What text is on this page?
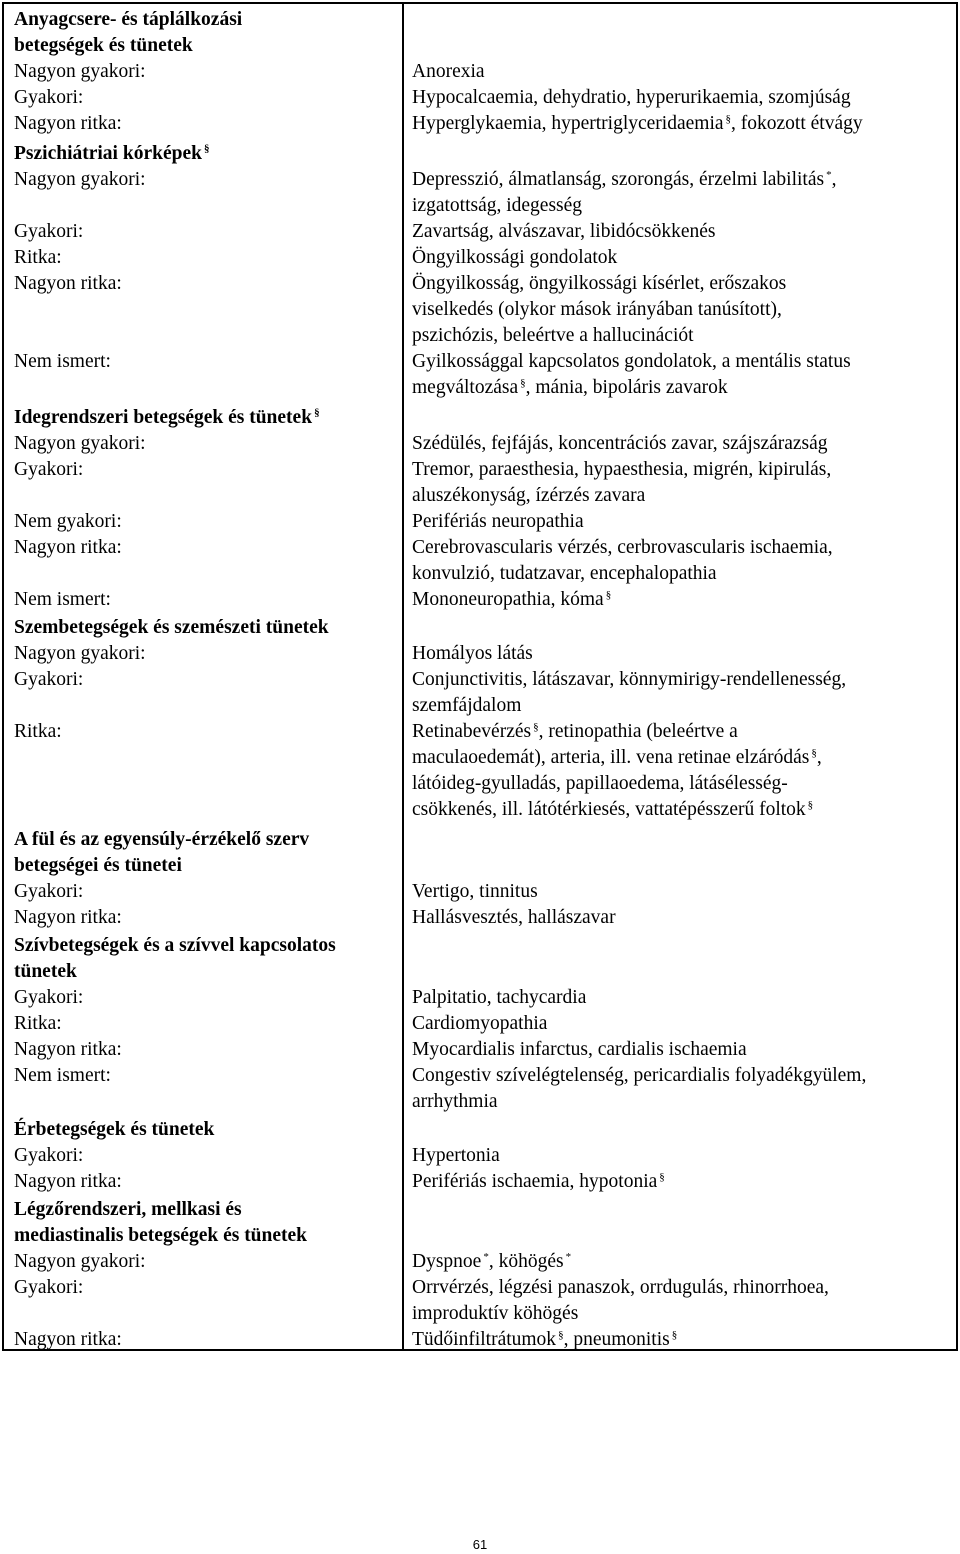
Anyagcsere- és táplálkozási
betegségek és tünetek
Nagyon gyakori:
Gyakori:
Nagyon ritka:
Pszichiátriai kórképek §
Nagyon gyakori:
Gyakori:
Ritka:
Nagyon ritka:
Nem ismert:
Idegrendszeri betegségek és tünetek §
Nagyon gyakori:
Gyakori:
Nem gyakori:
Nagyon ritka:
Nem ismert:
Szembetegségek és szemészeti tünetek
Nagyon gyakori:
Gyakori:
Ritka:
A fül és az egyensúly-érzékelő szerv
betegségei és tünetei
Gyakori:
Nagyon ritka:
Szívbetegségek és a szívvel kapcsolatos
tünetek
Gyakori:
Ritka:
Nagyon ritka:
Nem ismert:
Érbetegségek és tünetek
Gyakori:
Nagyon ritka:
Légzőrendszeri, mellkasi és
mediastinalis betegségek és tünetek
Nagyon gyakori:
Gyakori:
Nagyon ritka:
Anorexia
Hypocalcaemia, dehydratio, hyperurikaemia, szomjúság
Hyperglykaemia, hypertriglyceridaemia §, fokozott étvágy
Depresszió, álmatlanság, szorongás, érzelmi labilitás *,
izgatottság, idegesség
Zavartság, alvászavar, libidócsökkenés
Öngyilkossági gondolatok
Öngyilkosság, öngyilkossági kísérlet, erőszakos
viselkedés (olykor mások irányában tanúsított),
pszichózis, beleértve a hallucinációt
Gyilkossággal kapcsolatos gondolatok, a mentális status
megváltozása §, mánia, bipoláris zavarok
Szédülés, fejfájás, koncentrációs zavar, szájszárazság
Tremor, paraesthesia, hypaesthesia, migrén, kipirulás,
aluszékonyság, ízérzés zavara
Perifériás neuropathia
Cerebrovascularis vérzés, cerbrovascularis ischaemia,
konvulzió, tudatzavar, encephalopathia
Mononeuropathia, kóma §
Homályos látás
Conjunctivitis, látászavar, könnymirigy-rendellenesség,
szemfájdalom
Retinabevérzés §, retinopathia (beleértve a
maculaoedemát), arteria, ill. vena retinae elzáródás §,
látóideg-gyulladás, papillaoedema, látásélesség-
csökkenés, ill. látótérkiesés, vattatépésszerű foltok §
Vertigo, tinnitus
Hallásvesztés, hallászavar
Palpitatio, tachycardia
Cardiomyopathia
Myocardialis infarctus, cardialis ischaemia
Congestiv szívelégtelenség, pericardialis folyadékgyülem,
arrhythmia
Hypertonia
Perifériás ischaemia, hypotonia §
Dyspnoe *, köhögés *
Orrvérzés, légzési panaszok, orrdugulás, rhinorrhoea,
improduktív köhögés
Tüdőinfiltrátumok §, pneumonitis §
61
